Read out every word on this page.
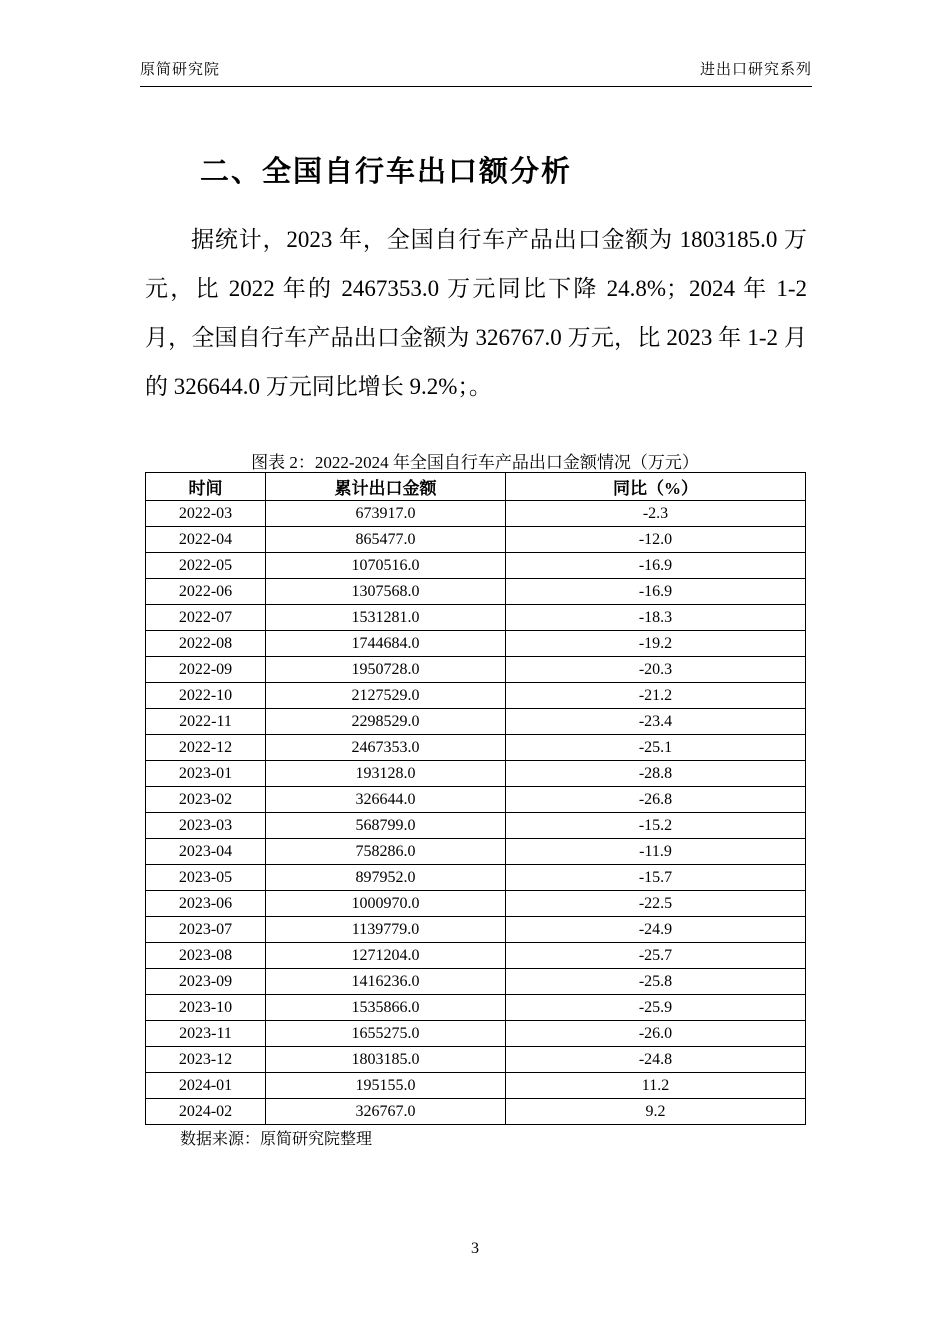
原简研究院	进出口研究系列
二、全国自行车出口额分析

据统计，2023 年，全国自行车产品出口金额为 1803185.0 万元，比 2022 年的 2467353.0 万元同比下降 24.8%；2024 年 1-2 月，全国自行车产品出口金额为 326767.0 万元，比 2023 年 1-2 月的 326644.0 万元同比增长 9.2%；。

图表 2：2022-2024 年全国自行车产品出口金额情况（万元）
时间	累计出口金额	同比（%）
2022-03	673917.0	-2.3
2022-04	865477.0	-12.0
2022-05	1070516.0	-16.9
2022-06	1307568.0	-16.9
2022-07	1531281.0	-18.3
2022-08	1744684.0	-19.2
2022-09	1950728.0	-20.3
2022-10	2127529.0	-21.2
2022-11	2298529.0	-23.4
2022-12	2467353.0	-25.1
2023-01	193128.0	-28.8
2023-02	326644.0	-26.8
2023-03	568799.0	-15.2
2023-04	758286.0	-11.9
2023-05	897952.0	-15.7
2023-06	1000970.0	-22.5
2023-07	1139779.0	-24.9
2023-08	1271204.0	-25.7
2023-09	1416236.0	-25.8
2023-10	1535866.0	-25.9
2023-11	1655275.0	-26.0
2023-12	1803185.0	-24.8
2024-01	195155.0	11.2
2024-02	326767.0	9.2
数据来源：原简研究院整理
3
